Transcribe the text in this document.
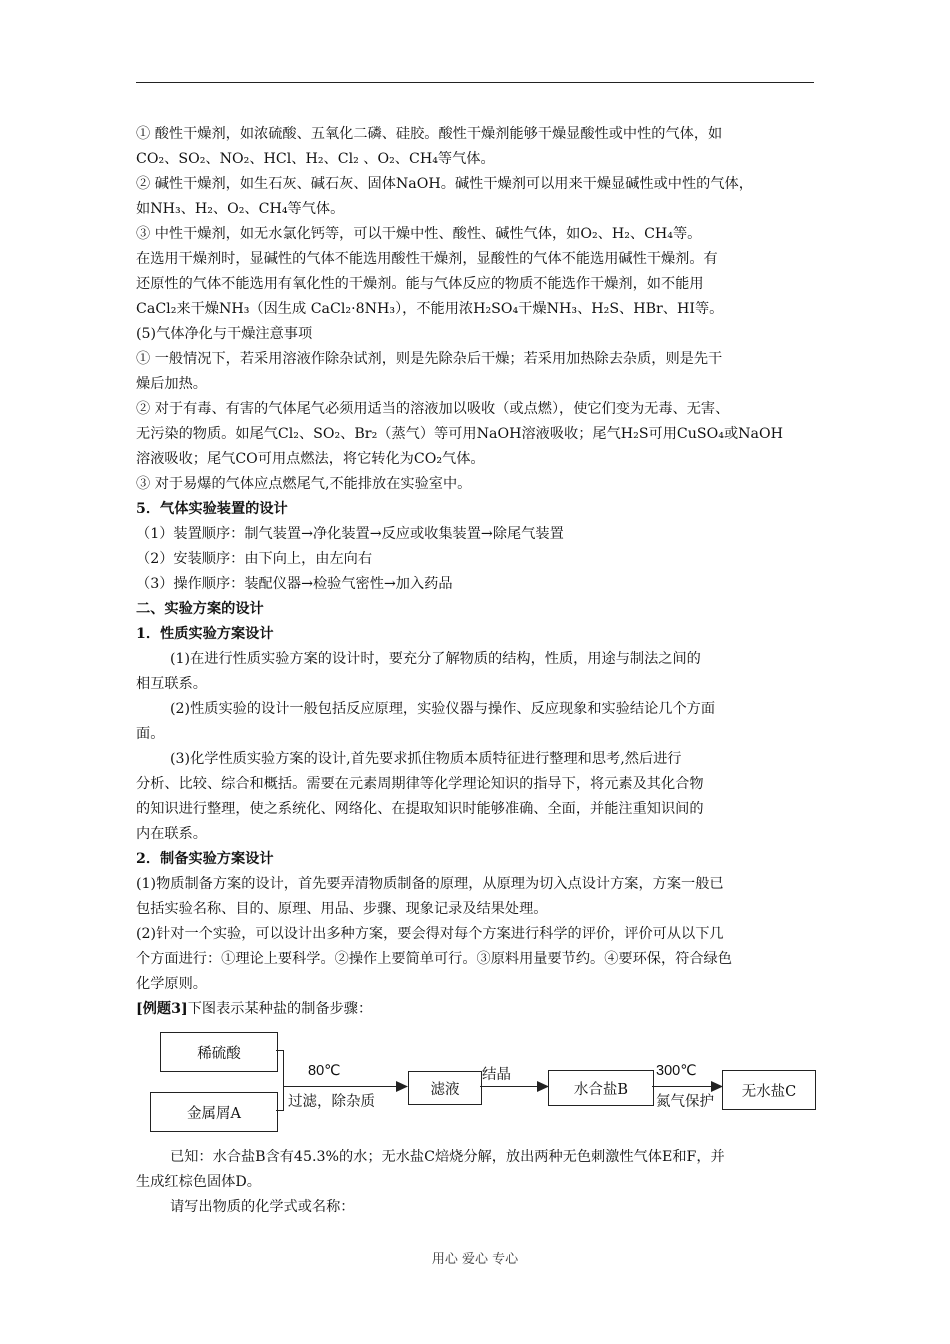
① 酸性干燥剂，如浓硫酸、五氧化二磷、硅胶。酸性干燥剂能够干燥显酸性或中性的气体，如

CO₂、SO₂、NO₂、HCl、H₂、Cl₂ 、O₂、CH₄等气体。

② 碱性干燥剂，如生石灰、碱石灰、固体NaOH。碱性干燥剂可以用来干燥显碱性或中性的气体，

如NH₃、H₂、O₂、CH₄等气体。

③ 中性干燥剂，如无水氯化钙等，可以干燥中性、酸性、碱性气体，如O₂、H₂、CH₄等。

在选用干燥剂时，显碱性的气体不能选用酸性干燥剂，显酸性的气体不能选用碱性干燥剂。有

还原性的气体不能选用有氧化性的干燥剂。能与气体反应的物质不能选作干燥剂，如不能用

CaCl₂来干燥NH₃（因生成 CaCl₂·8NH₃），不能用浓H₂SO₄干燥NH₃、H₂S、HBr、HI等。

(5)气体净化与干燥注意事项

① 一般情况下，若采用溶液作除杂试剂，则是先除杂后干燥；若采用加热除去杂质，则是先干

燥后加热。

② 对于有毒、有害的气体尾气必须用适当的溶液加以吸收（或点燃），使它们变为无毒、无害、

无污染的物质。如尾气Cl₂、SO₂、Br₂（蒸气）等可用NaOH溶液吸收；尾气H₂S可用CuSO₄或NaOH

溶液吸收；尾气CO可用点燃法，将它转化为CO₂气体。

③ 对于易爆的气体应点燃尾气,不能排放在实验室中。

5．气体实验装置的设计

（1）装置顺序：制气装置→净化装置→反应或收集装置→除尾气装置

（2）安装顺序：由下向上，由左向右

（3）操作顺序：装配仪器→检验气密性→加入药品

二、实验方案的设计

1．性质实验方案设计

(1)在进行性质实验方案的设计时，要充分了解物质的结构，性质，用途与制法之间的

相互联系。

(2)性质实验的设计一般包括反应原理，实验仪器与操作、反应现象和实验结论几个方面

面。

(3)化学性质实验方案的设计,首先要求抓住物质本质特征进行整理和思考,然后进行

分析、比较、综合和概括。需要在元素周期律等化学理论知识的指导下，将元素及其化合物

的知识进行整理，使之系统化、网络化、在提取知识时能够准确、全面，并能注重知识间的

内在联系。

2．制备实验方案设计

(1)物质制备方案的设计，首先要弄清物质制备的原理，从原理为切入点设计方案，方案一般已

包括实验名称、目的、原理、用品、步骤、现象记录及结果处理。

(2)针对一个实验，可以设计出多种方案，要会得对每个方案进行科学的评价，评价可从以下几

个方面进行：①理论上要科学。②操作上要简单可行。③原料用量要节约。④要环保，符合绿色

化学原则。

[例题3]下图表示某种盐的制备步骤：

稀硫酸
金属屑A
滤液	水合盐B	无水盐C
80℃
过滤，除杂质
结晶	300℃
氮气保护

已知：水合盐B含有45.3%的水；无水盐C焙烧分解，放出两种无色刺激性气体E和F，并

生成红棕色固体D。

请写出物质的化学式或名称：

用心 爱心 专心
